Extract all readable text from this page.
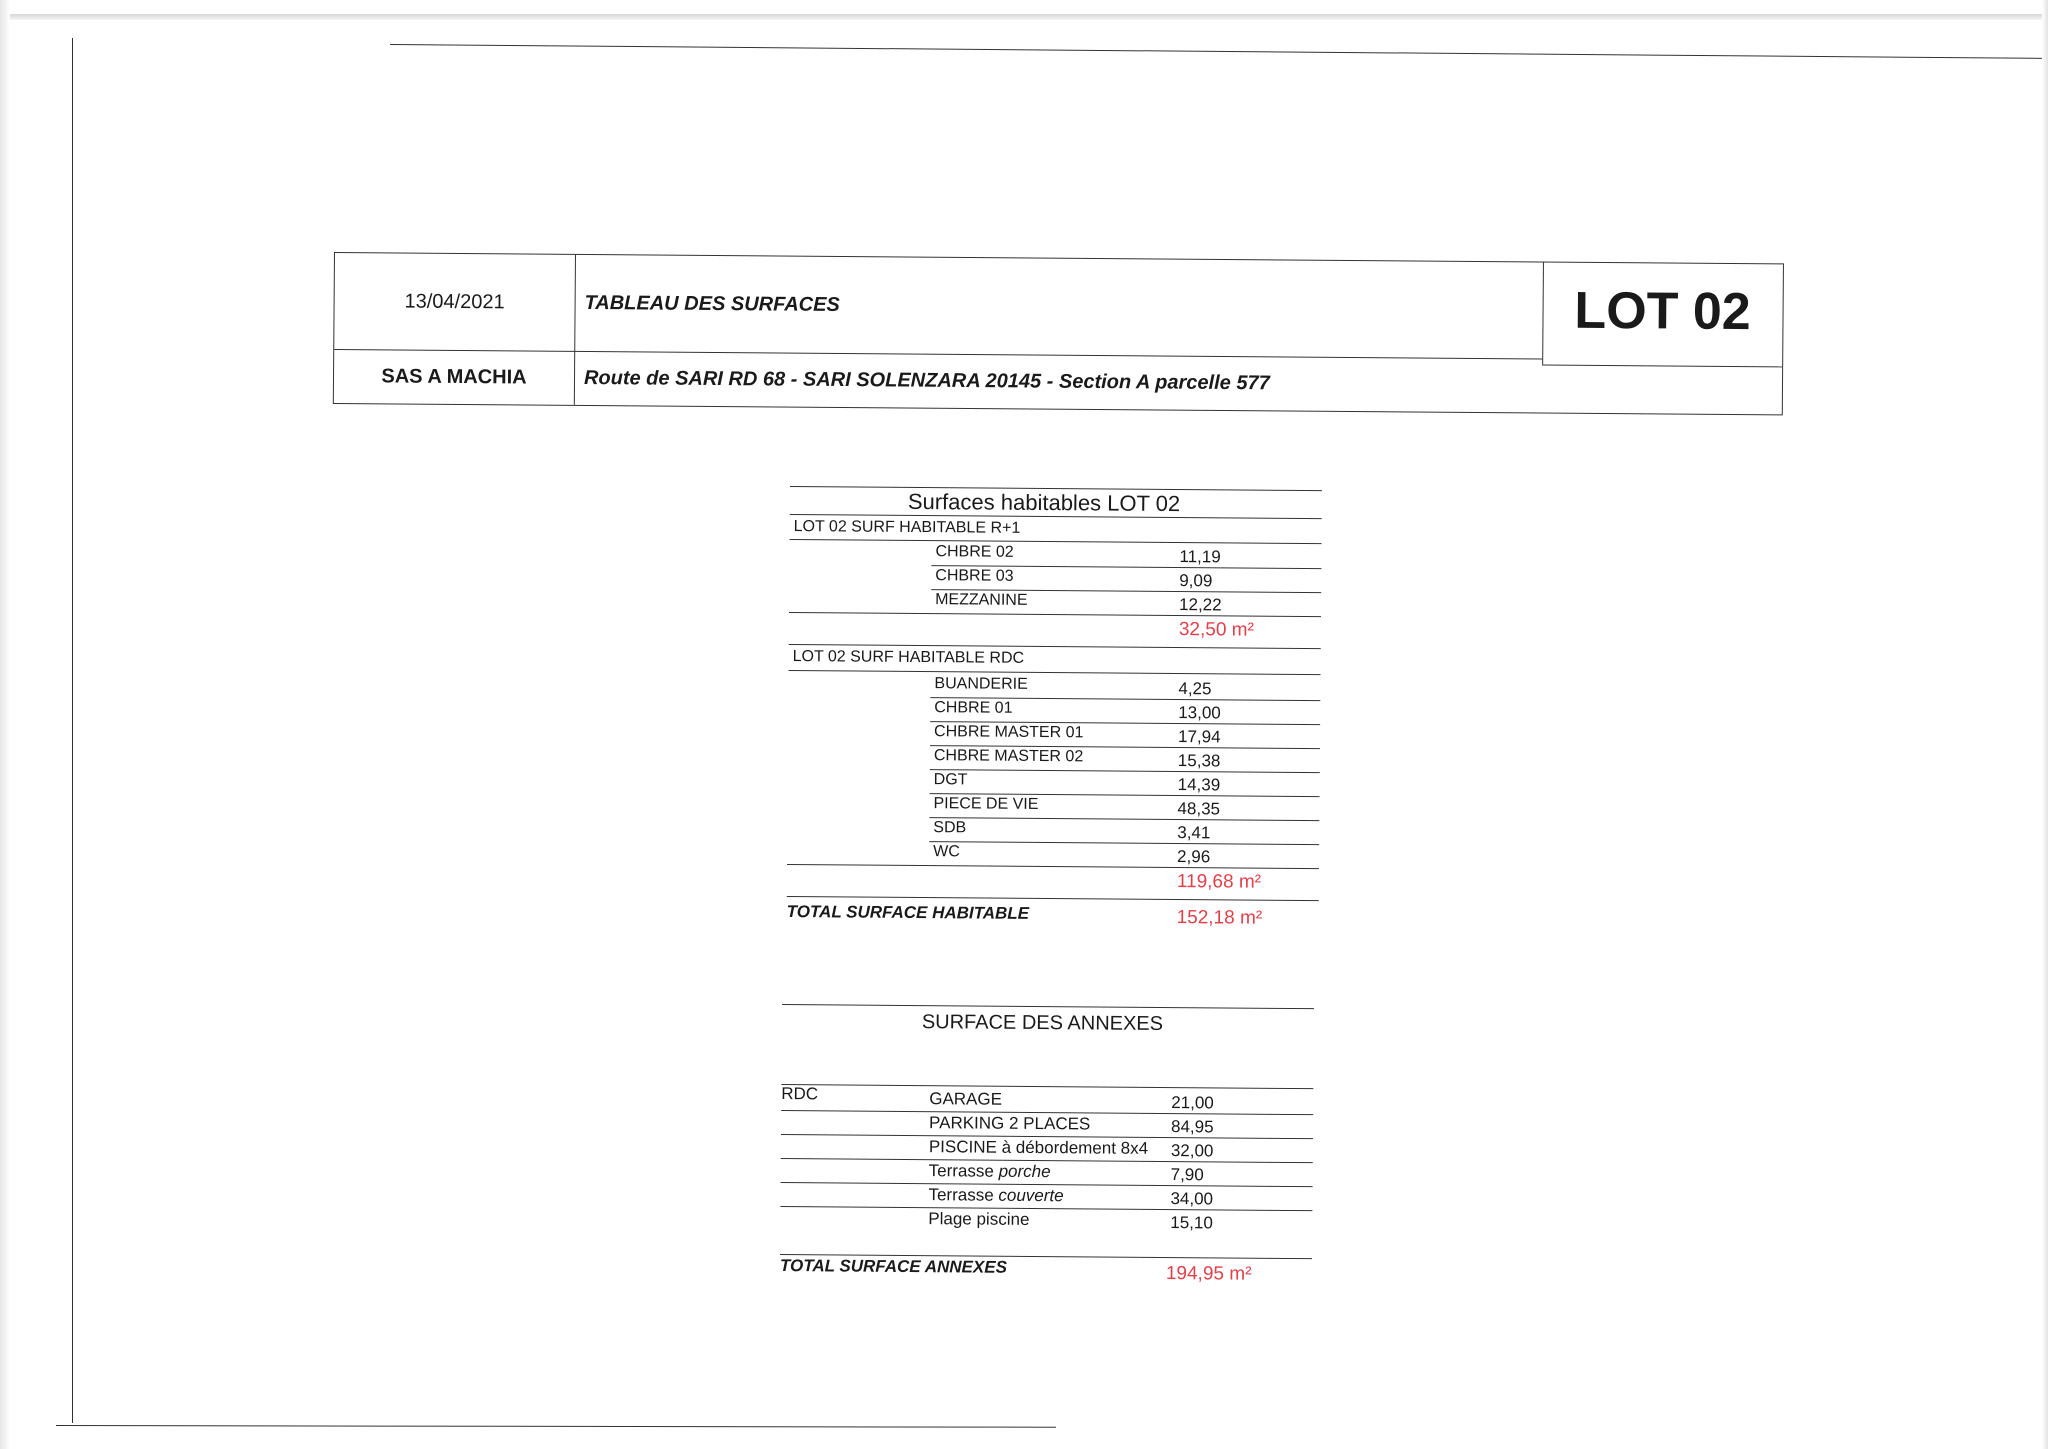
13/04/2021	TABLEAU DES SURFACES	LOT 02
SAS A MACHIA	Route de SARI RD 68 - SARI SOLENZARA 20145 - Section A parcelle 577
Surfaces habitables LOT 02
LOT 02 SURF HABITABLE R+1
CHBRE 02	11,19
CHBRE 03	9,09
MEZZANINE	12,22
32,50 m²
LOT 02 SURF HABITABLE RDC
BUANDERIE	4,25
CHBRE 01	13,00
CHBRE MASTER 01	17,94
CHBRE MASTER 02	15,38
DGT	14,39
PIECE DE VIE	48,35
SDB	3,41
WC	2,96
119,68 m²
TOTAL SURFACE HABITABLE	152,18 m²
SURFACE DES ANNEXES
RDC	GARAGE	21,00
PARKING 2 PLACES	84,95
PISCINE à débordement 8x4 32,00
Terrasse porche	7,90
Terrasse couverte	34,00
Plage piscine	15,10
TOTAL SURFACE ANNEXES	194,95 m²
